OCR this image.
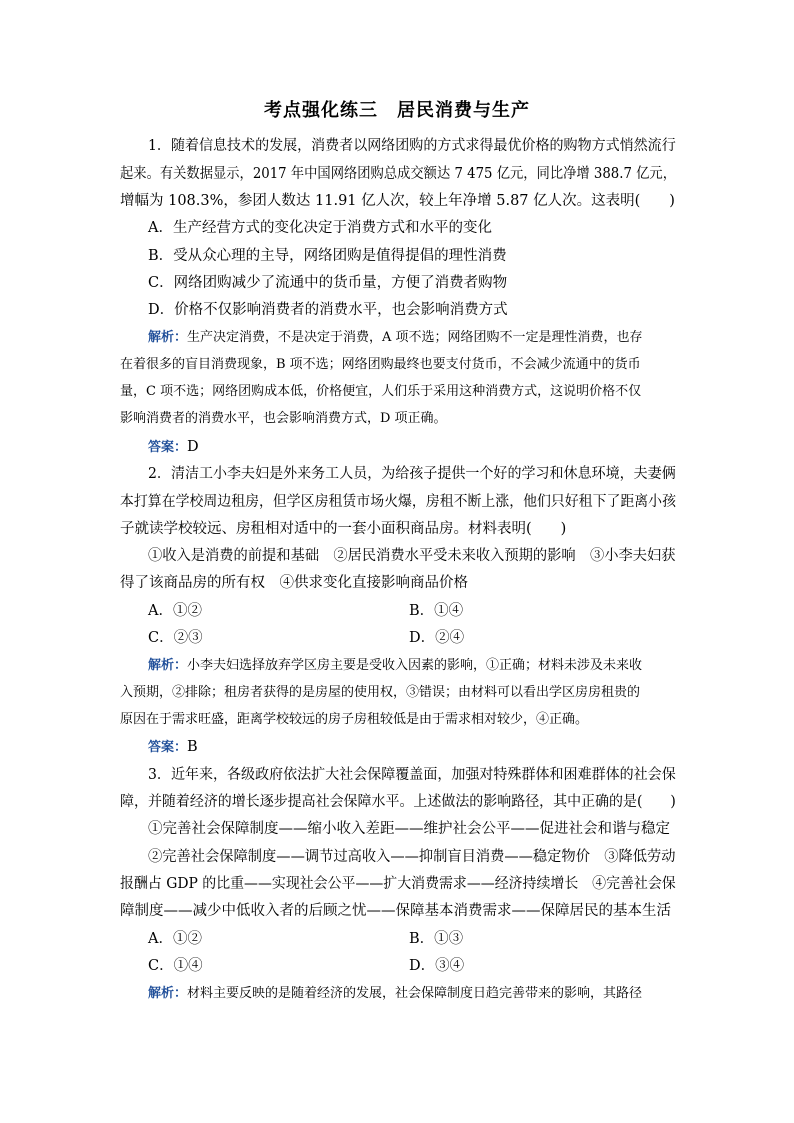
考点强化练三　居民消费与生产
1．随着信息技术的发展，消费者以网络团购的方式求得最优价格的购物方式悄然流行
起来。有关数据显示，2017 年中国网络团购总成交额达 7 475 亿元，同比净增 388.7 亿元，
增幅为 108.3%，参团人数达 11.91 亿人次，较上年净增 5.87 亿人次。这表明(　　)
A．生产经营方式的变化决定于消费方式和水平的变化
B．受从众心理的主导，网络团购是值得提倡的理性消费
C．网络团购减少了流通中的货币量，方便了消费者购物
D．价格不仅影响消费者的消费水平，也会影响消费方式
解析：生产决定消费，不是决定于消费，A 项不选；网络团购不一定是理性消费，也存
在着很多的盲目消费现象，B 项不选；网络团购最终也要支付货币，不会减少流通中的货币
量，C 项不选；网络团购成本低，价格便宜，人们乐于采用这种消费方式，这说明价格不仅
影响消费者的消费水平，也会影响消费方式，D 项正确。
答案：D
2．清洁工小李夫妇是外来务工人员，为给孩子提供一个好的学习和休息环境，夫妻俩
本打算在学校周边租房，但学区房租赁市场火爆，房租不断上涨，他们只好租下了距离小孩
子就读学校较远、房租相对适中的一套小面积商品房。材料表明(　　)
①收入是消费的前提和基础　②居民消费水平受未来收入预期的影响　③小李夫妇获
得了该商品房的所有权　④供求变化直接影响商品价格
A．①②	B．①④
C．②③	D．②④
解析：小李夫妇选择放弃学区房主要是受收入因素的影响，①正确；材料未涉及未来收
入预期，②排除；租房者获得的是房屋的使用权，③错误；由材料可以看出学区房房租贵的
原因在于需求旺盛，距离学校较远的房子房租较低是由于需求相对较少，④正确。
答案：B
3．近年来，各级政府依法扩大社会保障覆盖面，加强对特殊群体和困难群体的社会保
障，并随着经济的增长逐步提高社会保障水平。上述做法的影响路径，其中正确的是(　　)
①完善社会保障制度——缩小收入差距——维护社会公平——促进社会和谐与稳定
②完善社会保障制度——调节过高收入——抑制盲目消费——稳定物价　③降低劳动
报酬占 GDP 的比重——实现社会公平——扩大消费需求——经济持续增长　④完善社会保
障制度——减少中低收入者的后顾之忧——保障基本消费需求——保障居民的基本生活
A．①②	B．①③
C．①④	D．③④
解析：材料主要反映的是随着经济的发展，社会保障制度日趋完善带来的影响，其路径
